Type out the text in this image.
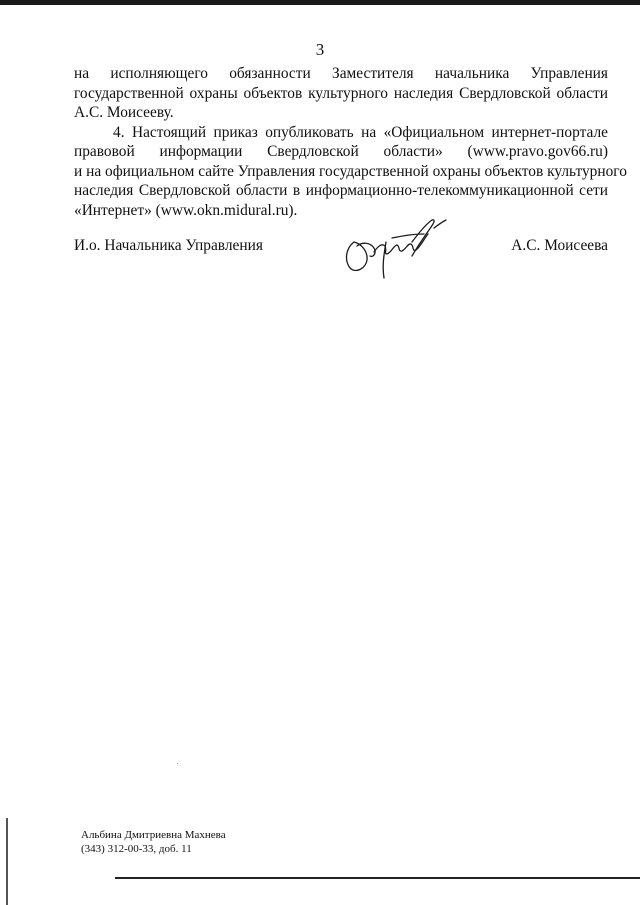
3
на исполняющего обязанности Заместителя начальника Управления
государственной охраны объектов культурного наследия Свердловской области
А.С. Моисееву.
4. Настоящий приказ опубликовать на «Официальном интернет-портале
правовой информации Свердловской области» (www.pravo.gov66.ru)
и на официальном сайте Управления государственной охраны объектов культурного
наследия Свердловской области в информационно-телекоммуникационной сети
«Интернет» (www.okn.midural.ru).
И.о. Начальника Управления	А.С. Моисеева
Альбина Дмитриевна Махнева
(343) 312-00-33, доб. 11
